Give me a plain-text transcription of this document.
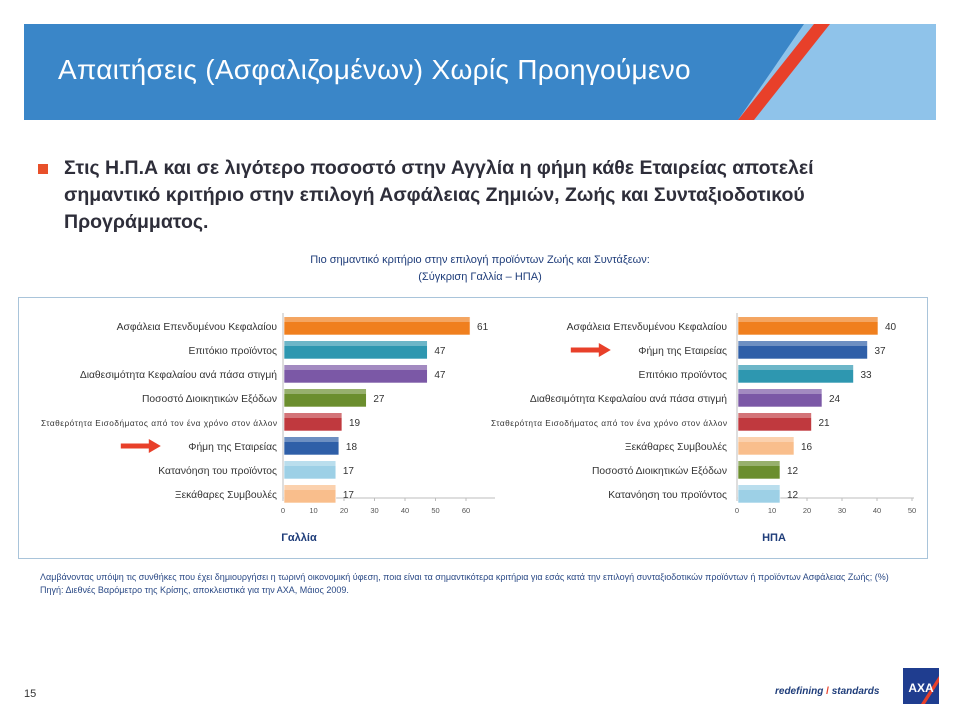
Απαιτήσεις (Ασφαλιζομένων) Χωρίς Προηγούμενο
Στις Η.Π.Α και σε λιγότερο ποσοστό στην Αγγλία η φήμη κάθε Εταιρείας αποτελεί σημαντικό κριτήριο στην επιλογή Ασφάλειας Ζημιών, Ζωής και Συνταξιοδοτικού Προγράμματος.
Πιο σημαντικό κριτήριο στην επιλογή προϊόντων Ζωής και Συντάξεων:
(Σύγκριση Γαλλία – ΗΠΑ)
0	10	20	30	40	50	60
Ασφάλεια Επενδυμένου Κεφαλαίου	61
Επιτόκιο προϊόντος	47
Διαθεσιμότητα Κεφαλαίου ανά πάσα στιγμή	47
Ποσοστό Διοικητικών Εξόδων	27
Σταθερότητα Εισοδήματος από τον ένα χρόνο στον άλλον	19
Φήμη της Εταιρείας	18
Κατανόηση του προϊόντος	17
Ξεκάθαρες Συμβουλές	17
Γαλλία
0	10	20	30	40	50
Ασφάλεια Επενδυμένου Κεφαλαίου	40
Φήμη της Εταιρείας	37
Επιτόκιο προϊόντος	33
Διαθεσιμότητα Κεφαλαίου ανά πάσα στιγμή	24
Σταθερότητα Εισοδήματος από τον ένα χρόνο στον άλλον	21
Ξεκάθαρες Συμβουλές	16
Ποσοστό Διοικητικών Εξόδων	12
Κατανόηση του προϊόντος	12
ΗΠΑ
Λαμβάνοντας υπόψη τις συνθήκες που έχει δημιουργήσει η τωρινή οικονομική ύφεση, ποια είναι τα σημαντικότερα κριτήρια για εσάς κατά την επιλογή συνταξιοδοτικών προϊόντων ή προϊόντων Ασφάλειας Ζωής; (%)
Πηγή: Διεθνές Βαρόμετρο της Κρίσης, αποκλειστικά για την ΑΧΑ, Μάιος 2009.
15	redefining / standards AXA
